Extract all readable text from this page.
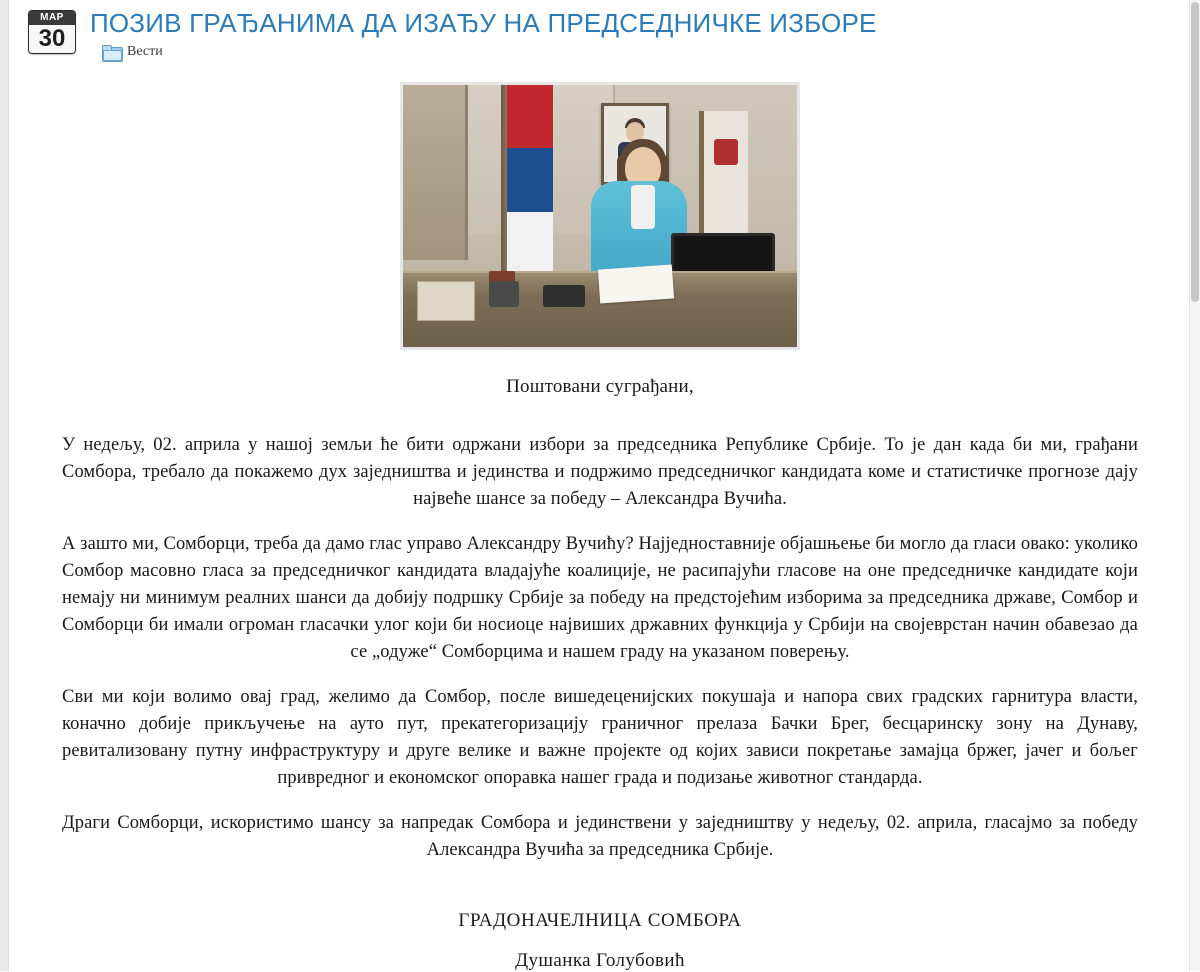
МАР
30
ПОЗИВ ГРАЂАНИМА ДА ИЗАЂУ НА ПРЕДСЕДНИЧКЕ ИЗБОРЕ
Вести
Поштовани суграђани,

У недељу, 02. априла у нашој земљи ће бити одржани избори за председника Републике Србије. То је дан када би ми, грађани Сомбора, требало да покажемо дух заједништва и јединства и подржимо председничког кандидата коме и статистичке прогнозе дају највеће шансе за победу – Александра Вучића.

А зашто ми, Сомборци, треба да дамо глас управо Александру Вучићу? Најједноставније објашњење би могло да гласи овако: уколико Сомбор масовно гласа за председничког кандидата владајуће коалиције, не расипајући гласове на оне председничке кандидате који немају ни минимум реалних шанси да добију подршку Србије за победу на предстојећим изборима за председника државе, Сомбор и Сомборци би имали огроман гласачки улог који би носиоце највиших државних функција у Србији на својеврстан начин обавезао да се „одуже“ Сомборцима и нашем граду на указаном поверењу.

Сви ми који волимо овај град, желимо да Сомбор, после вишедеценијских покушаја и напора свих градских гарнитура власти, коначно добије прикључење на ауто пут, прекатегоризацију граничног прелаза Бачки Брег, бесцаринску зону на Дунаву, ревитализовану путну инфраструктуру и друге велике и важне пројекте од којих зависи покретање замајца бржег, јачег и бољег привредног и економског опоравка нашег града и подизање животног стандарда.

Драги Сомборци, искористимо шансу за напредак Сомбора и јединствени у заједништву у недељу, 02. априла, гласајмо за победу Александра Вучића за председника Србије.

ГРАДОНАЧЕЛНИЦА СОМБОРА
Душанка Голубовић
